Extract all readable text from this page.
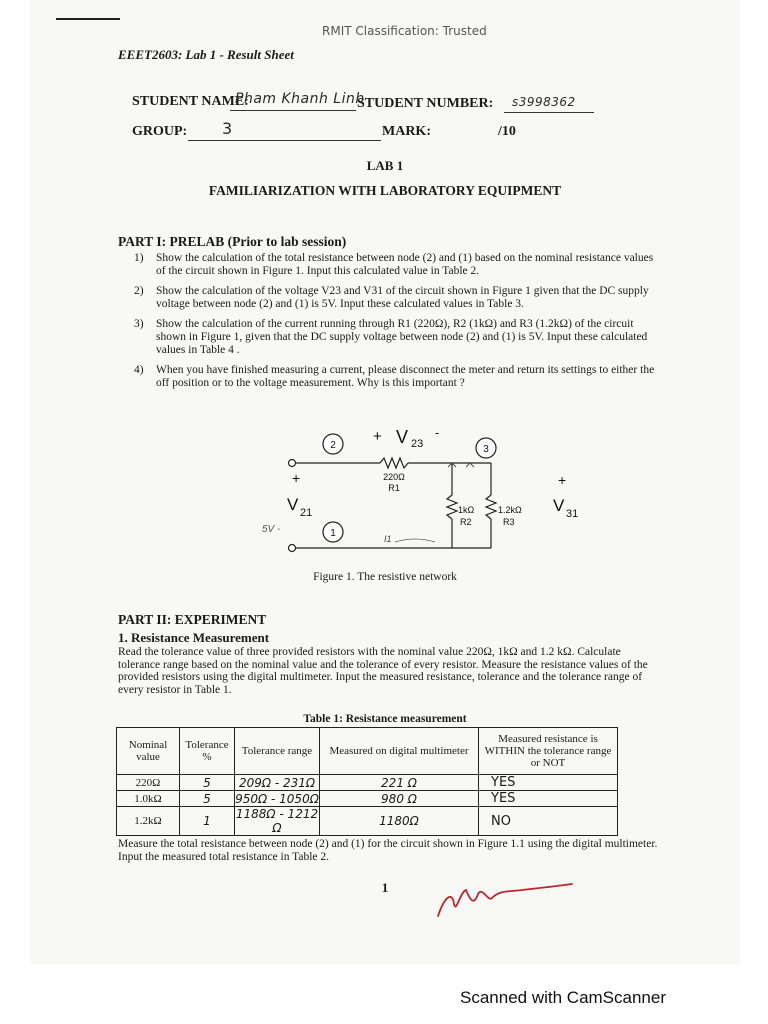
RMIT Classification: Trusted
EEET2603: Lab 1 - Result Sheet
STUDENT NAME:
Pham Khanh Linh
STUDENT NUMBER: s3998362
GROUP: 3	MARK:	/10
LAB 1
FAMILIARIZATION WITH LABORATORY EQUIPMENT
PART I: PRELAB (Prior to lab session)
1) Show the calculation of the total resistance between node (2) and (1) based on the nominal resistance values of the circuit shown in Figure 1. Input this calculated value in Table 2.
2) Show the calculation of the voltage V23 and V31 of the circuit shown in Figure 1 given that the DC supply voltage between node (2) and (1) is 5V. Input these calculated values in Table 3.
3) Show the calculation of the current running through R1 (220Ω), R2 (1kΩ) and R3 (1.2kΩ) of the circuit shown in Figure 1, given that the DC supply voltage between node (2) and (1) is 5V. Input these calculated values in Table 4 .
4) When you have finished measuring a current, please disconnect the meter and return its settings to either the off position or to the voltage measurement. Why is this important ?
2	3
1
+ V 23
-
+
V 21
+
V 31
220Ω
R1
1kΩ
R2
1.2kΩ
R3
5V -
I1
Figure 1. The resistive network
PART II: EXPERIMENT
1. Resistance Measurement
Read the tolerance value of three provided resistors with the nominal value 220Ω, 1kΩ and 1.2 kΩ. Calculate tolerance range based on the nominal value and the tolerance of every resistor. Measure the resistance values of the provided resistors using the digital multimeter. Input the measured resistance, tolerance and the tolerance range of every resistor in Table 1.
Table 1: Resistance measurement
Nominal value	Tolerance %	Tolerance range	Measured on digital multimeter	Measured resistance is WITHIN the tolerance range or NOT
220Ω	5	209Ω - 231Ω	221 Ω	YES
1.0kΩ	5	950Ω - 1050Ω	980 Ω	YES
1.2kΩ	1	1188Ω - 1212 Ω	1180Ω	NO
Measure the total resistance between node (2) and (1) for the circuit shown in Figure 1.1 using the digital multimeter. Input the measured total resistance in Table 2.
1
Scanned with CamScanner
